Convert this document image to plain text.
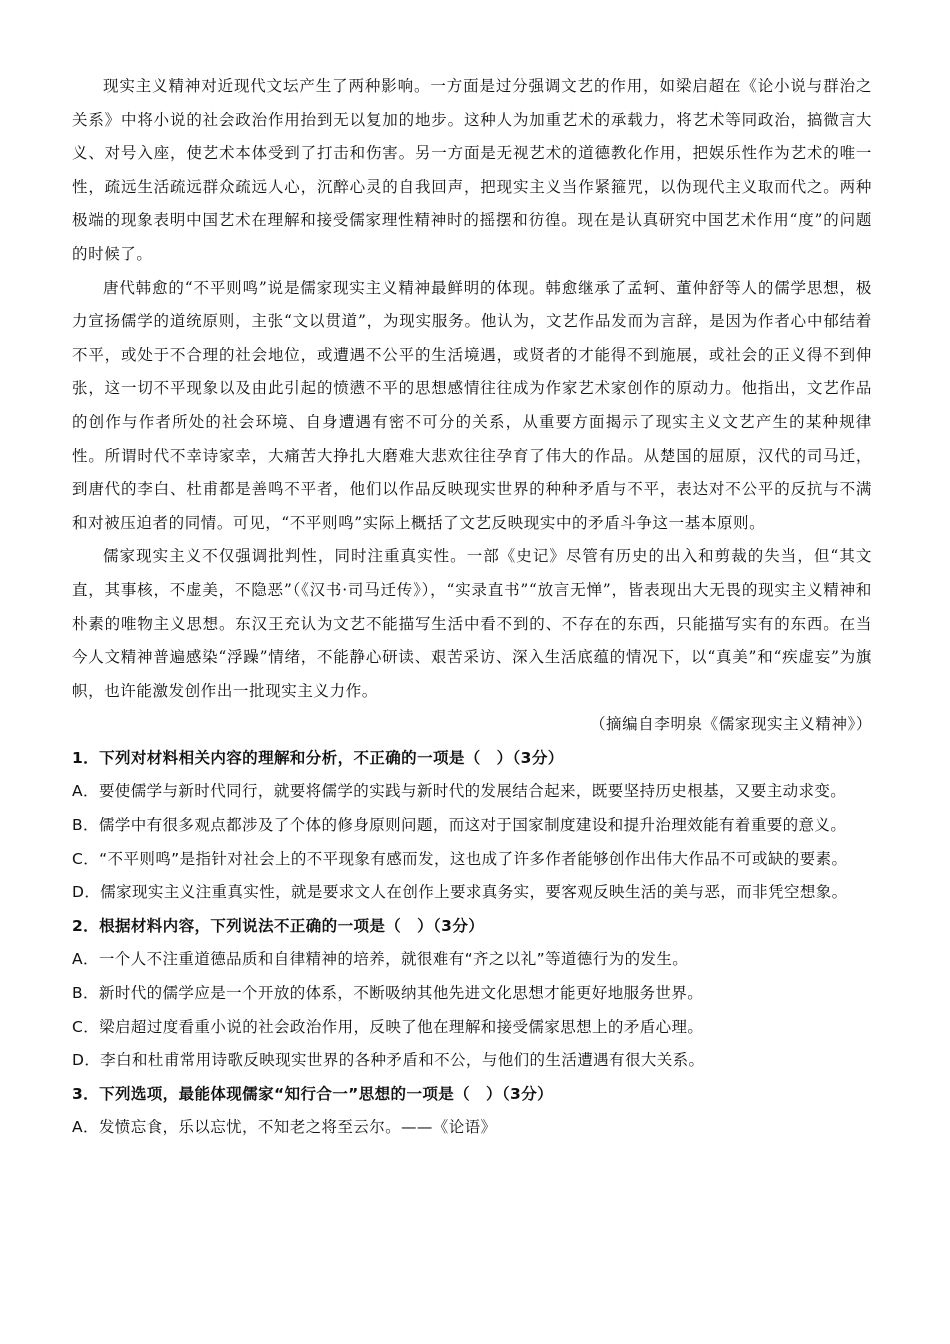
现实主义精神对近现代文坛产生了两种影响。一方面是过分强调文艺的作用，如梁启超在《论小说与群治之关系》中将小说的社会政治作用抬到无以复加的地步。这种人为加重艺术的承载力，将艺术等同政治，搞微言大义、对号入座，使艺术本体受到了打击和伤害。另一方面是无视艺术的道德教化作用，把娱乐性作为艺术的唯一性，疏远生活疏远群众疏远人心，沉醉心灵的自我回声，把现实主义当作紧箍咒，以伪现代主义取而代之。两种极端的现象表明中国艺术在理解和接受儒家理性精神时的摇摆和彷徨。现在是认真研究中国艺术作用“度”的问题的时候了。

唐代韩愈的“不平则鸣”说是儒家现实主义精神最鲜明的体现。韩愈继承了孟轲、董仲舒等人的儒学思想，极力宣扬儒学的道统原则，主张“文以贯道”，为现实服务。他认为，文艺作品发而为言辞，是因为作者心中郁结着不平，或处于不合理的社会地位，或遭遇不公平的生活境遇，或贤者的才能得不到施展，或社会的正义得不到伸张，这一切不平现象以及由此引起的愤懑不平的思想感情往往成为作家艺术家创作的原动力。他指出，文艺作品的创作与作者所处的社会环境、自身遭遇有密不可分的关系，从重要方面揭示了现实主义文艺产生的某种规律性。所谓时代不幸诗家幸，大痛苦大挣扎大磨难大悲欢往往孕育了伟大的作品。从楚国的屈原，汉代的司马迁，到唐代的李白、杜甫都是善鸣不平者，他们以作品反映现实世界的种种矛盾与不平，表达对不公平的反抗与不满和对被压迫者的同情。可见，“不平则鸣”实际上概括了文艺反映现实中的矛盾斗争这一基本原则。

儒家现实主义不仅强调批判性，同时注重真实性。一部《史记》尽管有历史的出入和剪裁的失当，但“其文直，其事核，不虚美，不隐恶”（《汉书·司马迁传》），“实录直书”“放言无惮”，皆表现出大无畏的现实主义精神和朴素的唯物主义思想。东汉王充认为文艺不能描写生活中看不到的、不存在的东西，只能描写实有的东西。在当今人文精神普遍感染“浮躁”情绪，不能静心研读、艰苦采访、深入生活底蕴的情况下，以“真美”和“疾虚妄”为旗帜，也许能激发创作出一批现实主义力作。

（摘编自李明泉《儒家现实主义精神》）

1．下列对材料相关内容的理解和分析，不正确的一项是（　）（3分）

A．要使儒学与新时代同行，就要将儒学的实践与新时代的发展结合起来，既要坚持历史根基，又要主动求变。

B．儒学中有很多观点都涉及了个体的修身原则问题，而这对于国家制度建设和提升治理效能有着重要的意义。

C．“不平则鸣”是指针对社会上的不平现象有感而发，这也成了许多作者能够创作出伟大作品不可或缺的要素。

D．儒家现实主义注重真实性，就是要求文人在创作上要求真务实，要客观反映生活的美与恶，而非凭空想象。

2．根据材料内容，下列说法不正确的一项是（　）（3分）

A．一个人不注重道德品质和自律精神的培养，就很难有“齐之以礼”等道德行为的发生。

B．新时代的儒学应是一个开放的体系，不断吸纳其他先进文化思想才能更好地服务世界。

C．梁启超过度看重小说的社会政治作用，反映了他在理解和接受儒家思想上的矛盾心理。

D．李白和杜甫常用诗歌反映现实世界的各种矛盾和不公，与他们的生活遭遇有很大关系。

3．下列选项，最能体现儒家“知行合一”思想的一项是（　）（3分）

A．发愤忘食，乐以忘忧，不知老之将至云尔。——《论语》
